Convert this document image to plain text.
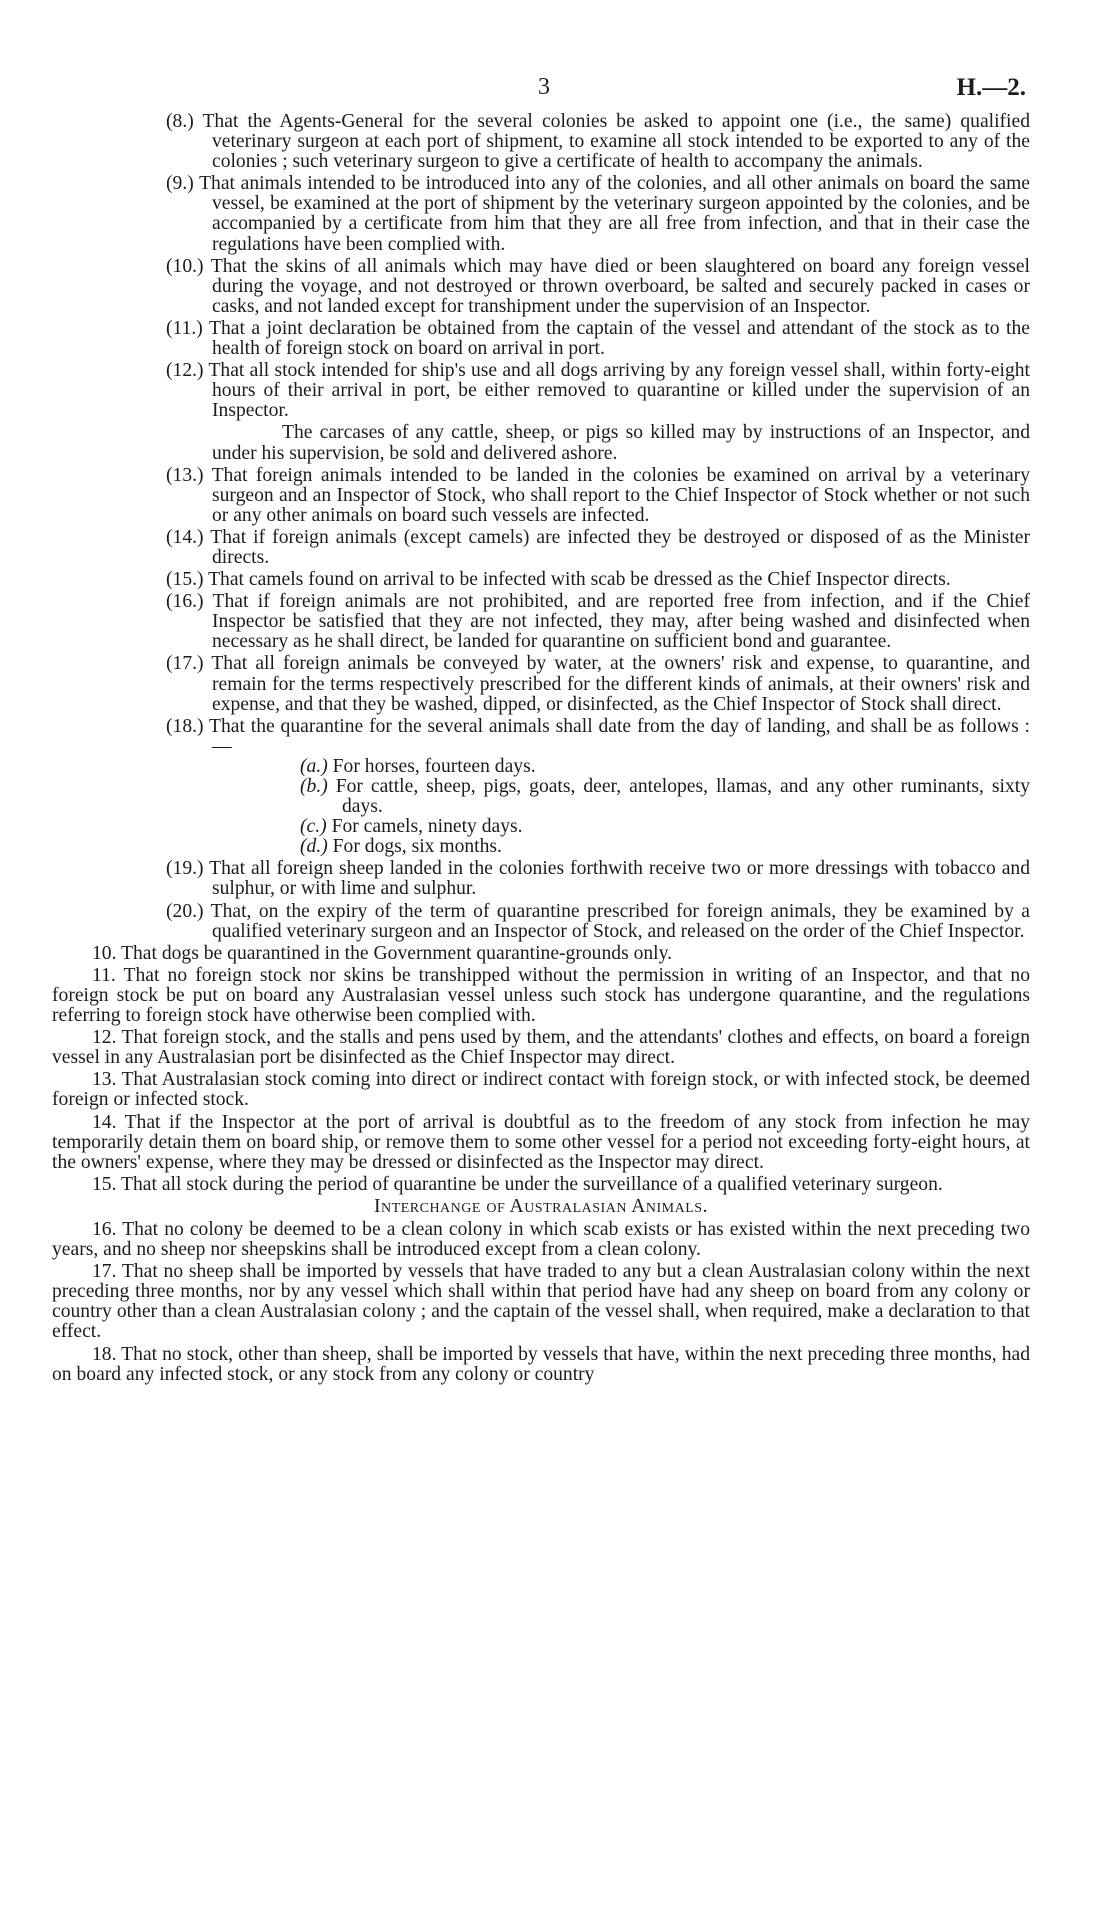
3	H.—2.
(8.) That the Agents-General for the several colonies be asked to appoint one (i.e., the same) qualified veterinary surgeon at each port of shipment, to examine all stock intended to be exported to any of the colonies ; such veterinary surgeon to give a certificate of health to accompany the animals.
(9.) That animals intended to be introduced into any of the colonies, and all other animals on board the same vessel, be examined at the port of shipment by the veterinary surgeon appointed by the colonies, and be accompanied by a certificate from him that they are all free from infection, and that in their case the regulations have been complied with.
(10.) That the skins of all animals which may have died or been slaughtered on board any foreign vessel during the voyage, and not destroyed or thrown overboard, be salted and securely packed in cases or casks, and not landed except for transhipment under the supervision of an Inspector.
(11.) That a joint declaration be obtained from the captain of the vessel and attendant of the stock as to the health of foreign stock on board on arrival in port.
(12.) That all stock intended for ship's use and all dogs arriving by any foreign vessel shall, within forty-eight hours of their arrival in port, be either removed to quarantine or killed under the supervision of an Inspector.
The carcases of any cattle, sheep, or pigs so killed may by instructions of an Inspector, and under his supervision, be sold and delivered ashore.
(13.) That foreign animals intended to be landed in the colonies be examined on arrival by a veterinary surgeon and an Inspector of Stock, who shall report to the Chief Inspector of Stock whether or not such or any other animals on board such vessels are infected.
(14.) That if foreign animals (except camels) are infected they be destroyed or disposed of as the Minister directs.
(15.) That camels found on arrival to be infected with scab be dressed as the Chief Inspector directs.
(16.) That if foreign animals are not prohibited, and are reported free from infection, and if the Chief Inspector be satisfied that they are not infected, they may, after being washed and disinfected when necessary as he shall direct, be landed for quarantine on sufficient bond and guarantee.
(17.) That all foreign animals be conveyed by water, at the owners' risk and expense, to quarantine, and remain for the terms respectively prescribed for the different kinds of animals, at their owners' risk and expense, and that they be washed, dipped, or disinfected, as the Chief Inspector of Stock shall direct.
(18.) That the quarantine for the several animals shall date from the day of landing, and shall be as follows :—
(a.) For horses, fourteen days.
(b.) For cattle, sheep, pigs, goats, deer, antelopes, llamas, and any other ruminants, sixty days.
(c.) For camels, ninety days.
(d.) For dogs, six months.
(19.) That all foreign sheep landed in the colonies forthwith receive two or more dressings with tobacco and sulphur, or with lime and sulphur.
(20.) That, on the expiry of the term of quarantine prescribed for foreign animals, they be examined by a qualified veterinary surgeon and an Inspector of Stock, and released on the order of the Chief Inspector.

10. That dogs be quarantined in the Government quarantine-grounds only.

11. That no foreign stock nor skins be transhipped without the permission in writing of an Inspector, and that no foreign stock be put on board any Australasian vessel unless such stock has undergone quarantine, and the regulations referring to foreign stock have otherwise been complied with.

12. That foreign stock, and the stalls and pens used by them, and the attendants' clothes and effects, on board a foreign vessel in any Australasian port be disinfected as the Chief Inspector may direct.

13. That Australasian stock coming into direct or indirect contact with foreign stock, or with infected stock, be deemed foreign or infected stock.

14. That if the Inspector at the port of arrival is doubtful as to the freedom of any stock from infection he may temporarily detain them on board ship, or remove them to some other vessel for a period not exceeding forty-eight hours, at the owners' expense, where they may be dressed or disinfected as the Inspector may direct.

15. That all stock during the period of quarantine be under the surveillance of a qualified veterinary surgeon.

Interchange of Australasian Animals.

16. That no colony be deemed to be a clean colony in which scab exists or has existed within the next preceding two years, and no sheep nor sheepskins shall be introduced except from a clean colony.

17. That no sheep shall be imported by vessels that have traded to any but a clean Australasian colony within the next preceding three months, nor by any vessel which shall within that period have had any sheep on board from any colony or country other than a clean Australasian colony ; and the captain of the vessel shall, when required, make a declaration to that effect.

18. That no stock, other than sheep, shall be imported by vessels that have, within the next preceding three months, had on board any infected stock, or any stock from any colony or country
